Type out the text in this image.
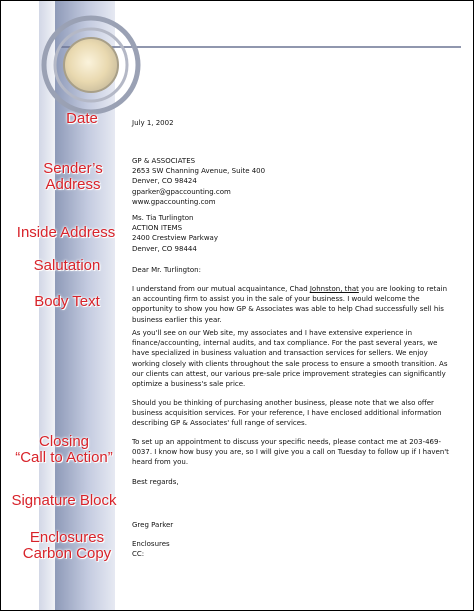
Date
Sender’s
Address
Inside Address
Salutation
Body Text
Closing
“Call to Action”
Signature Block
Enclosures
Carbon Copy
July 1, 2002

GP & ASSOCIATES

2653 SW Channing Avenue, Suite 400

Denver, CO 98424

gparker@gpaccounting.com

www.gpaccounting.com

Ms. Tia Turlington

ACTION ITEMS

2400 Crestview Parkway

Denver, CO 98444

Dear Mr. Turlington:
I understand from our mutual acquaintance, Chad Johnston, that you are looking to retain an accounting firm to assist you in the sale of your business. I would welcome the opportunity to show you how GP & Associates was able to help Chad successfully sell his business earlier this year.
As you'll see on our Web site, my associates and I have extensive experience in finance/accounting, internal audits, and tax compliance. For the past several years, we have specialized in business valuation and transaction services for sellers. We enjoy working closely with clients throughout the sale process to ensure a smooth transition. As our clients can attest, our various pre-sale price improvement strategies can significantly optimize a business's sale price.
Should you be thinking of purchasing another business, please note that we also offer business acquisition services. For your reference, I have enclosed additional information describing GP & Associates' full range of services.
To set up an appointment to discuss your specific needs, please contact me at 203-469-0037. I know how busy you are, so I will give you a call on Tuesday to follow up if I haven't heard from you.
Best regards,
Greg Parker
Enclosures
CC:
